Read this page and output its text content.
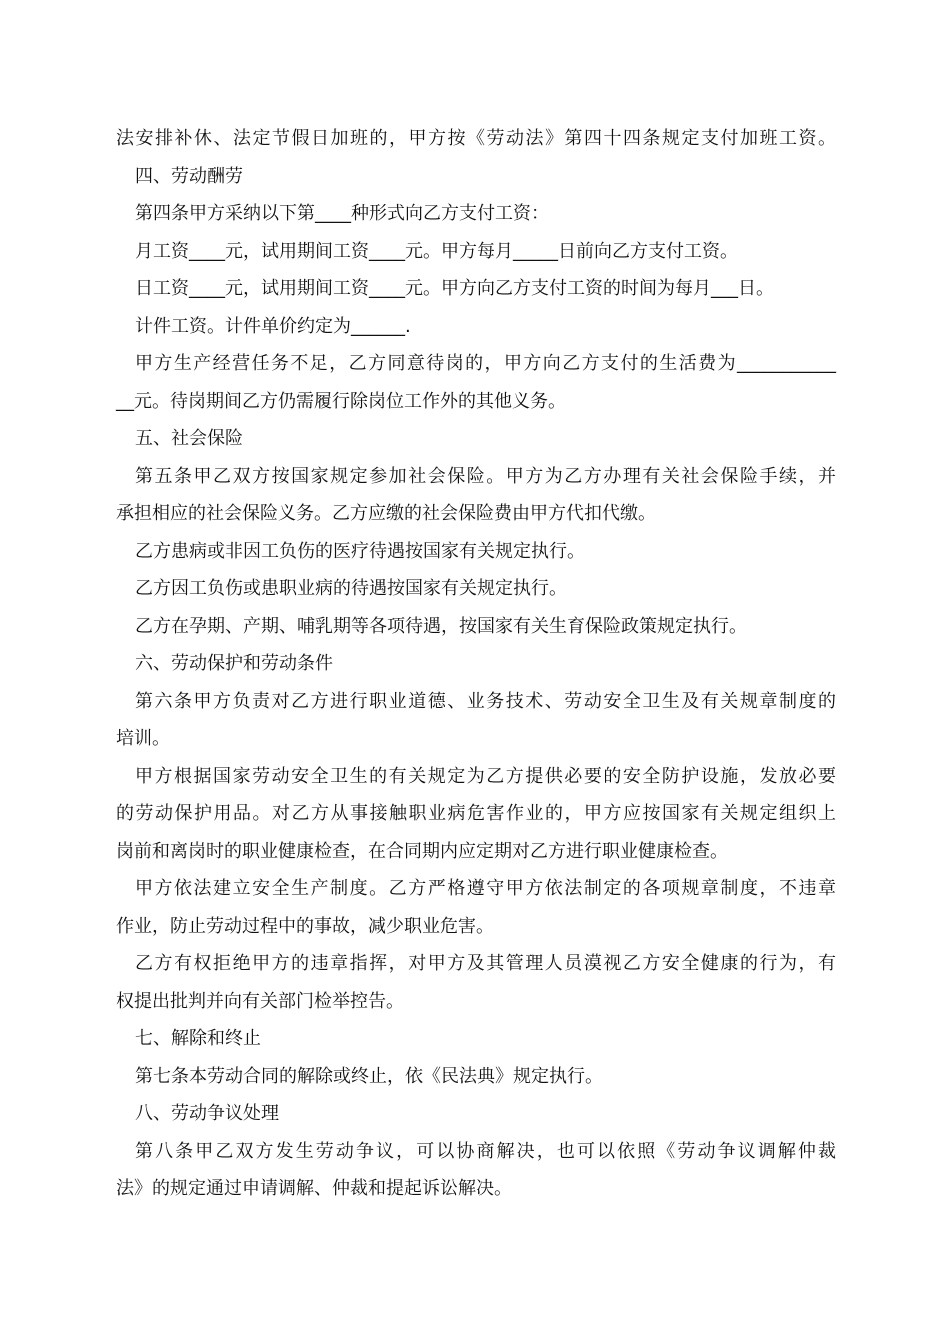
法安排补休、法定节假日加班的，甲方按《劳动法》第四十四条规定支付加班工资。
四、劳动酬劳
第四条甲方采纳以下第____种形式向乙方支付工资：
月工资____元，试用期间工资____元。甲方每月_____日前向乙方支付工资。
日工资____元，试用期间工资____元。甲方向乙方支付工资的时间为每月___日。
计件工资。计件单价约定为______.
甲方生产经营任务不足，乙方同意待岗的，甲方向乙方支付的生活费为___________
__元。待岗期间乙方仍需履行除岗位工作外的其他义务。
五、社会保险
第五条甲乙双方按国家规定参加社会保险。甲方为乙方办理有关社会保险手续，并
承担相应的社会保险义务。乙方应缴的社会保险费由甲方代扣代缴。
乙方患病或非因工负伤的医疗待遇按国家有关规定执行。
乙方因工负伤或患职业病的待遇按国家有关规定执行。
乙方在孕期、产期、哺乳期等各项待遇，按国家有关生育保险政策规定执行。
六、劳动保护和劳动条件
第六条甲方负责对乙方进行职业道德、业务技术、劳动安全卫生及有关规章制度的
培训。
甲方根据国家劳动安全卫生的有关规定为乙方提供必要的安全防护设施，发放必要
的劳动保护用品。对乙方从事接触职业病危害作业的，甲方应按国家有关规定组织上
岗前和离岗时的职业健康检查，在合同期内应定期对乙方进行职业健康检查。
甲方依法建立安全生产制度。乙方严格遵守甲方依法制定的各项规章制度，不违章
作业，防止劳动过程中的事故，减少职业危害。
乙方有权拒绝甲方的违章指挥，对甲方及其管理人员漠视乙方安全健康的行为，有
权提出批判并向有关部门检举控告。
七、解除和终止
第七条本劳动合同的解除或终止，依《民法典》规定执行。
八、劳动争议处理
第八条甲乙双方发生劳动争议，可以协商解决，也可以依照《劳动争议调解仲裁
法》的规定通过申请调解、仲裁和提起诉讼解决。
